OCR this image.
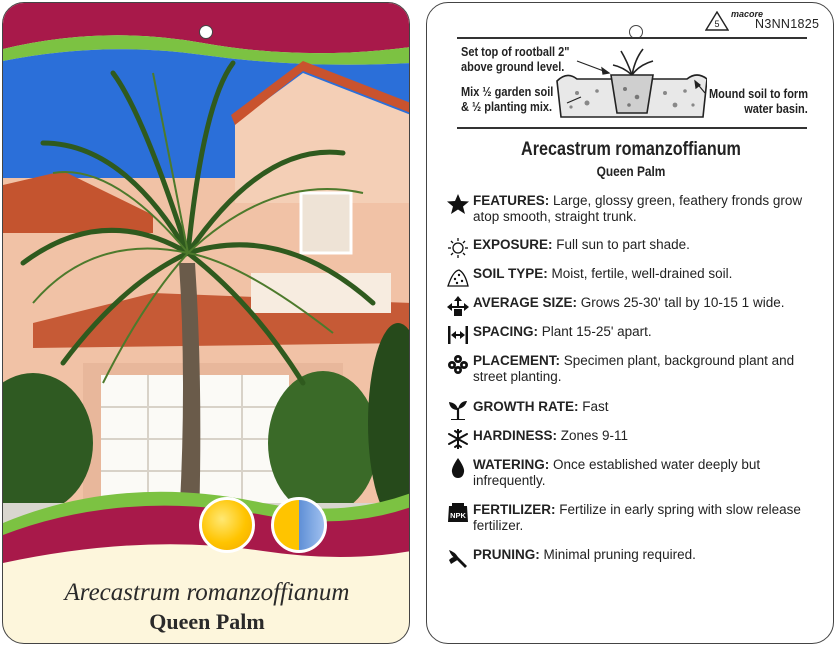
Arecastrum romanzoffianum
Queen Palm
5
macore
N3NN1825
Set top of rootball 2"
above ground level.
Mix ½ garden soil
& ½ planting mix.
Mound soil to form
water basin.
Arecastrum romanzoffianum
Queen Palm
FEATURES: Large, glossy green, feathery fronds grow atop smooth, straight trunk.
EXPOSURE: Full sun to part shade.
SOIL TYPE: Moist, fertile, well-drained soil.
AVERAGE SIZE: Grows 25-30' tall by 10-15 1 wide.
SPACING: Plant 15-25' apart.
PLACEMENT: Specimen plant, background plant and street planting.
GROWTH RATE: Fast
HARDINESS: Zones 9-11
WATERING: Once established water deeply but infrequently.
NPK FERTILIZER: Fertilize in early spring with slow release fertilizer.
PRUNING: Minimal pruning required.
